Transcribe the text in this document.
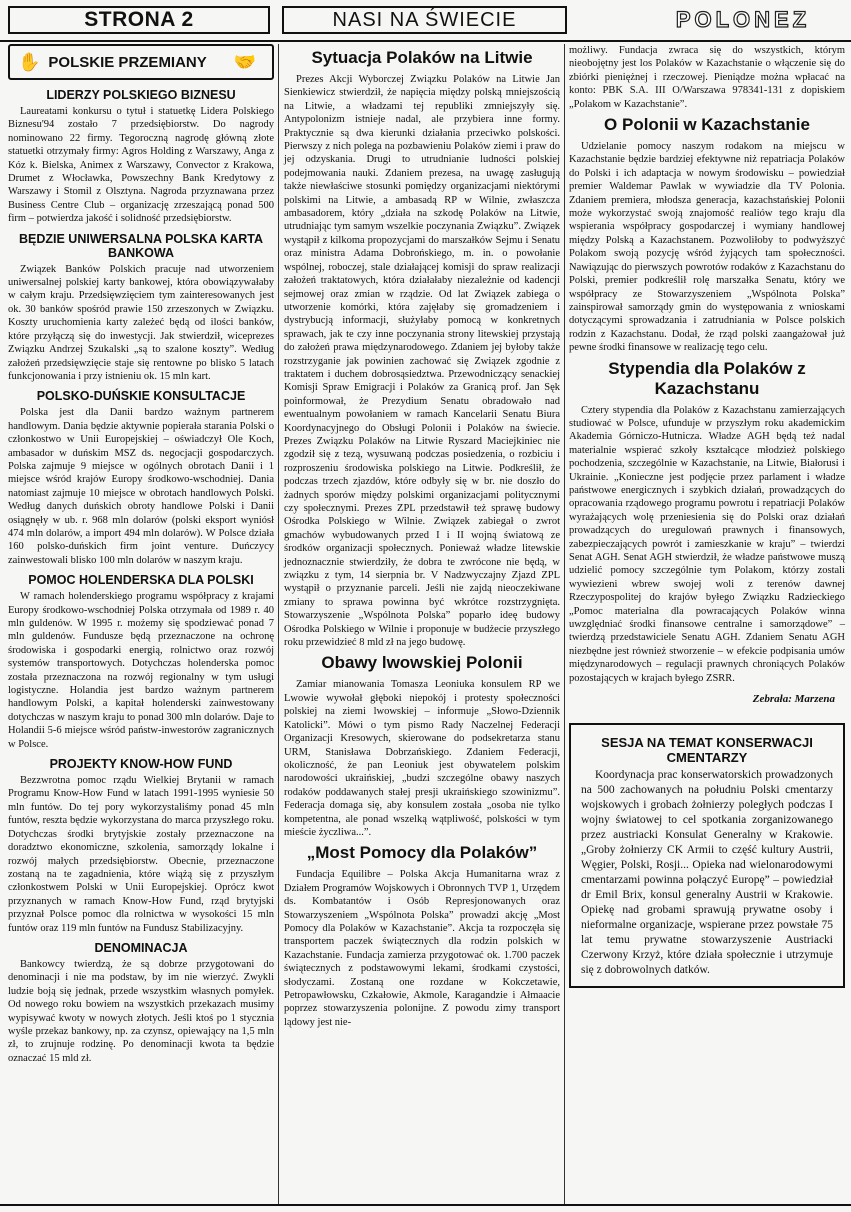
STRONA 2	NASI NA ŚWIECIE	POLONEZ
✋ POLSKIE PRZEMIANY	🤝
LIDERZY POLSKIEGO BIZNESU

Laureatami konkursu o tytuł i statuetkę Lidera Polskiego Biznesu'94 zostało 7 przedsiębiorstw. Do nagrody nominowano 22 firmy. Tegoroczną nagrodę główną złote statuetki otrzymały firmy: Agros Holding z Warszawy, Anga z Kóz k. Bielska, Animex z Warszawy, Convector z Krakowa, Drumet z Włocławka, Powszechny Bank Kredytowy z Warszawy i Stomil z Olsztyna. Nagroda przyznawana przez Business Centre Club – organizację zrzeszającą ponad 500 firm – potwierdza jakość i solidność przedsiębiorstw.

BĘDZIE UNIWERSALNA POLSKA KARTA BANKOWA

Związek Banków Polskich pracuje nad utworzeniem uniwersalnej polskiej karty bankowej, która obowiązywałaby w całym kraju. Przedsięwzięciem tym zainteresowanych jest ok. 30 banków spośród prawie 150 zrzeszonych w Związku. Koszty uruchomienia karty zależeć będą od ilości banków, które przyłączą się do inwestycji. Jak stwierdził, wiceprezes Związku Andrzej Szukalski „są to szalone koszty”. Według założeń przedsięwzięcie staje się rentowne po blisko 5 latach funkcjonowania i przy istnieniu ok. 15 mln kart.

POLSKO-DUŃSKIE KONSULTACJE

Polska jest dla Danii bardzo ważnym partnerem handlowym. Dania będzie aktywnie popierała starania Polski o członkostwo w Unii Europejskiej – oświadczył Ole Koch, ambasador w duńskim MSZ ds. negocjacji gospodarczych. Polska zajmuje 9 miejsce w ogólnych obrotach Danii i 1 miejsce wśród krajów Europy środkowo-wschodniej. Dania natomiast zajmuje 10 miejsce w obrotach handlowych Polski. Według danych duńskich obroty handlowe Polski i Danii osiągnęły w ub. r. 968 mln dolarów (polski eksport wyniósł 474 mln dolarów, a import 494 mln dolarów). W Polsce działa 160 polsko-duńskich firm joint venture. Duńczycy zainwestowali blisko 100 mln dolarów w naszym kraju.

POMOC HOLENDERSKA DLA POLSKI

W ramach holenderskiego programu współpracy z krajami Europy środkowo-wschodniej Polska otrzymała od 1989 r. 40 mln guldenów. W 1995 r. możemy się spodziewać ponad 7 mln guldenów. Fundusze będą przeznaczone na ochronę środowiska i gospodarki energią, rolnictwo oraz rozwój systemów transportowych. Dotychczas holenderska pomoc została przeznaczona na rozwój regionalny w tym usługi logistyczne. Holandia jest bardzo ważnym partnerem handlowym Polski, a kapitał holenderski zainwestowany dotychczas w naszym kraju to ponad 300 mln dolarów. Daje to Holandii 5-6 miejsce wśród państw-inwestorów zagranicznych w Polsce.

PROJEKTY KNOW-HOW FUND

Bezzwrotna pomoc rządu Wielkiej Brytanii w ramach Programu Know-How Fund w latach 1991-1995 wyniesie 50 mln funtów. Do tej pory wykorzystaliśmy ponad 45 mln funtów, reszta będzie wykorzystana do marca przyszłego roku. Dotychczas środki brytyjskie zostały przeznaczone na doradztwo ekonomiczne, szkolenia, samorządy lokalne i rozwój małych przedsiębiorstw. Obecnie, przeznaczone zostaną na te zagadnienia, które wiążą się z przyszłym członkostwem Polski w Unii Europejskiej. Oprócz kwot przyznanych w ramach Know-How Fund, rząd brytyjski przyznał Polsce pomoc dla rolnictwa w wysokości 15 mln funtów oraz 119 mln funtów na Fundusz Stabilizacyjny.

DENOMINACJA

Bankowcy twierdzą, że są dobrze przygotowani do denominacji i nie ma podstaw, by im nie wierzyć. Zwykli ludzie boją się jednak, przede wszystkim własnych pomyłek. Od nowego roku bowiem na wszystkich przekazach musimy wypisywać kwoty w nowych złotych. Jeśli ktoś po 1 stycznia wyśle przekaz bankowy, np. za czynsz, opiewający na 1,5 mln zł, to zrujnuje rodzinę. Po denominacji kwota ta będzie oznaczać 15 mld zł.

Sytuacja Polaków na Litwie

Prezes Akcji Wyborczej Związku Polaków na Litwie Jan Sienkiewicz stwierdził, że napięcia między polską mniejszością na Litwie, a władzami tej republiki zmniejszyły się. Antypolonizm istnieje nadal, ale przybiera inne formy. Praktycznie są dwa kierunki działania przeciwko polskości. Pierwszy z nich polega na pozbawieniu Polaków ziemi i praw do jej odzyskania. Drugi to utrudnianie ludności polskiej podejmowania nauki. Zdaniem prezesa, na uwagę zasługują także niewłaściwe stosunki pomiędzy organizacjami niektórymi polskimi na Litwie, a ambasadą RP w Wilnie, zwłaszcza ambasadorem, który „działa na szkodę Polaków na Litwie, utrudniając tym samym wszelkie poczynania Związku”. Związek wystąpił z kilkoma propozycjami do marszałków Sejmu i Senatu oraz ministra Adama Dobrońskiego, m. in. o powołanie wspólnej, roboczej, stale działającej komisji do spraw realizacji założeń traktatowych, która działałaby niezależnie od kadencji sejmowej oraz zmian w rządzie. Od lat Związek zabiega o utworzenie komórki, która zajęłaby się gromadzeniem i dystrybucją informacji, służyłaby pomocą w konkretnych sprawach, jak te czy inne poczynania strony litewskiej przystają do założeń prawa międzynarodowego. Zdaniem jej byłoby także rozstrzyganie jak powinien zachować się Związek zgodnie z traktatem i duchem dobrosąsiedztwa. Przewodniczący senackiej Komisji Spraw Emigracji i Polaków za Granicą prof. Jan Sęk poinformował, że Prezydium Senatu obradowało nad ewentualnym powołaniem w ramach Kancelarii Senatu Biura Koordynacyjnego do Obsługi Polonii i Polaków na świecie. Prezes Związku Polaków na Litwie Ryszard Maciejkiniec nie zgodził się z tezą, wysuwaną podczas posiedzenia, o rozbiciu i rozproszeniu środowiska polskiego na Litwie. Podkreślił, że podczas trzech zjazdów, które odbyły się w br. nie doszło do żadnych sporów między polskimi organizacjami politycznymi czy społecznymi. Prezes ZPL przedstawił też sprawę budowy Ośrodka Polskiego w Wilnie. Związek zabiegał o zwrot gmachów wybudowanych przed I i II wojną światową ze środków organizacji społecznych. Ponieważ władze litewskie jednoznacznie stwierdziły, że dobra te zwrócone nie będą, w związku z tym, 14 sierpnia br. V Nadzwyczajny Zjazd ZPL wystąpił o przyznanie parceli. Jeśli nie zajdą nieoczekiwane zmiany to sprawa powinna być wkrótce rozstrzygnięta. Stowarzyszenie „Wspólnota Polska” poparło ideę budowy Ośrodka Polskiego w Wilnie i proponuje w budżecie przyszłego roku przewidzieć 8 mld zł na jego budowę.

Obawy lwowskiej Polonii

Zamiar mianowania Tomasza Leoniuka konsulem RP we Lwowie wywołał głęboki niepokój i protesty społeczności polskiej na ziemi lwowskiej – informuje „Słowo-Dziennik Katolicki”. Mówi o tym pismo Rady Naczelnej Federacji Organizacji Kresowych, skierowane do podsekretarza stanu URM, Stanisława Dobrzańskiego. Zdaniem Federacji, okoliczność, że pan Leoniuk jest obywatelem polskim narodowości ukraińskiej, „budzi szczególne obawy naszych rodaków poddawanych stałej presji ukraińskiego szowinizmu”. Federacja domaga się, aby konsulem została „osoba nie tylko kompetentna, ale ponad wszelką wątpliwość, polskości w tym mieście życzliwa...”.

„Most Pomocy dla Polaków”

Fundacja Equilibre – Polska Akcja Humanitarna wraz z Działem Programów Wojskowych i Obronnych TVP 1, Urzędem ds. Kombatantów i Osób Represjonowanych oraz Stowarzyszeniem „Wspólnota Polska” prowadzi akcję „Most Pomocy dla Polaków w Kazachstanie”. Akcja ta rozpoczęła się transportem paczek świątecznych dla rodzin polskich w Kazachstanie. Fundacja zamierza przygotować ok. 1.700 paczek świątecznych z podstawowymi lekami, środkami czystości, słodyczami. Zostaną one rozdane w Kokczetawie, Petropawłowsku, Czkałowie, Akmole, Karagandzie i Ałmaacie poprzez stowarzyszenia polonijne. Z powodu zimy transport lądowy jest nie-

możliwy. Fundacja zwraca się do wszystkich, którym nieobojętny jest los Polaków w Kazachstanie o włączenie się do zbiórki pieniężnej i rzeczowej. Pieniądze można wpłacać na konto: PBK S.A. III O/Warszawa 978341-131 z dopiskiem „Polakom w Kazachstanie”.

O Polonii w Kazachstanie

Udzielanie pomocy naszym rodakom na miejscu w Kazachstanie będzie bardziej efektywne niż repatriacja Polaków do Polski i ich adaptacja w nowym środowisku – powiedział premier Waldemar Pawlak w wywiadzie dla TV Polonia. Zdaniem premiera, młodsza generacja, kazachstańskiej Polonii może wykorzystać swoją znajomość realiów tego kraju dla wspierania współpracy gospodarczej i wymiany handlowej między Polską a Kazachstanem. Pozwoliłoby to podwyższyć Polakom swoją pozycję wśród żyjących tam społeczności. Nawiązując do pierwszych powrotów rodaków z Kazachstanu do Polski, premier podkreślił rolę marszałka Senatu, który we współpracy ze Stowarzyszeniem „Wspólnota Polska” zainspirował samorządy gmin do występowania z wnioskami dotyczącymi sprowadzania i zatrudniania w Polsce polskich rodzin z Kazachstanu. Dodał, że rząd polski zaangażował już pewne środki finansowe w realizację tego celu.

Stypendia dla Polaków z Kazachstanu

Cztery stypendia dla Polaków z Kazachstanu zamierzających studiować w Polsce, ufunduje w przyszłym roku akademickim Akademia Górniczo-Hutnicza. Władze AGH będą też nadal materialnie wspierać szkoły kształcące młodzież polskiego pochodzenia, szczególnie w Kazachstanie, na Litwie, Białorusi i Ukrainie. „Konieczne jest podjęcie przez parlament i władze państwowe energicznych i szybkich działań, prowadzących do opracowania rządowego programu powrotu i repatriacji Polaków wyrażających wolę przeniesienia się do Polski oraz działań prowadzących do uregulowań prawnych i finansowych, zabezpieczających powrót i zamieszkanie w kraju” – twierdzi Senat AGH. Senat AGH stwierdził, że władze państwowe muszą udzielić pomocy szczególnie tym Polakom, którzy zostali wywiezieni wbrew swojej woli z terenów dawnej Rzeczypospolitej do krajów byłego Związku Radzieckiego „Pomoc materialna dla powracających Polaków winna uwzględniać środki finansowe centralne i samorządowe” – twierdzą przedstawiciele Senatu AGH. Zdaniem Senatu AGH niezbędne jest również stworzenie – w efekcie podpisania umów międzynarodowych – regulacji prawnych chroniących Polaków pozostających w krajach byłego ZSRR.

Zebrała: Marzena
SESJA NA TEMAT KONSERWACJI CMENTARZY

Koordynacja prac konserwatorskich prowadzonych na 500 zachowanych na południu Polski cmentarzy wojskowych i grobach żołnierzy poległych podczas I wojny światowej to cel spotkania zorganizowanego przez austriacki Konsulat Generalny w Krakowie. „Groby żołnierzy CK Armii to część kultury Austrii, Węgier, Polski, Rosji... Opieka nad wielonarodowymi cmentarzami powinna połączyć Europę” – powiedział dr Emil Brix, konsul generalny Austrii w Krakowie. Opiekę nad grobami sprawują prywatne osoby i nieformalne organizacje, wspierane przez powstałe 75 lat temu prywatne stowarzyszenie Austriacki Czerwony Krzyż, które działa społecznie i utrzymuje się z dobrowolnych datków.
